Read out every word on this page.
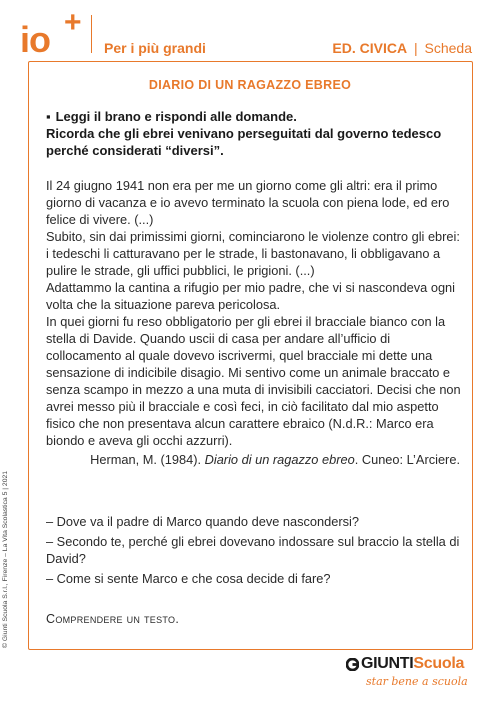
io +
Per i più grandi	ED. CIVICA | Scheda
DIARIO DI UN RAGAZZO EBREO
▪ Leggi il brano e rispondi alle domande.
Ricorda che gli ebrei venivano perseguitati dal governo tedesco perché considerati “diversi”.

Il 24 giugno 1941 non era per me un giorno come gli altri: era il primo giorno di vacanza e io avevo terminato la scuola con piena lode, ed ero felice di vivere. (...)

Subito, sin dai primissimi giorni, cominciarono le violenze contro gli ebrei: i tedeschi li catturavano per le strade, li bastonavano, li obbligavano a pulire le strade, gli uffici pubblici, le prigioni. (...)

Adattammo la cantina a rifugio per mio padre, che vi si nascondeva ogni volta che la situazione pareva pericolosa.

In quei giorni fu reso obbligatorio per gli ebrei il bracciale bianco con la stella di Davide. Quando uscii di casa per andare all’ufficio di collocamento al quale dovevo iscrivermi, quel bracciale mi dette una sensazione di indicibile disagio. Mi sentivo come un animale braccato e senza scampo in mezzo a una muta di invisibili cacciatori. Decisi che non avrei messo più il bracciale e così feci, in ciò facilitato dal mio aspetto fisico che non presentava alcun carattere ebraico (N.d.R.: Marco era biondo e aveva gli occhi azzurri).

Herman, M. (1984). Diario di un ragazzo ebreo. Cuneo: L’Arciere.

– Dove va il padre di Marco quando deve nascondersi?

– Secondo te, perché gli ebrei dovevano indossare sul braccio la stella di David?

– Come si sente Marco e che cosa decide di fare?

Comprendere un testo.
© Giunti Scuola S.r.l., Firenze – La Vita Scolastica 5 | 2021
GIUNTIScuola
star bene a scuola
